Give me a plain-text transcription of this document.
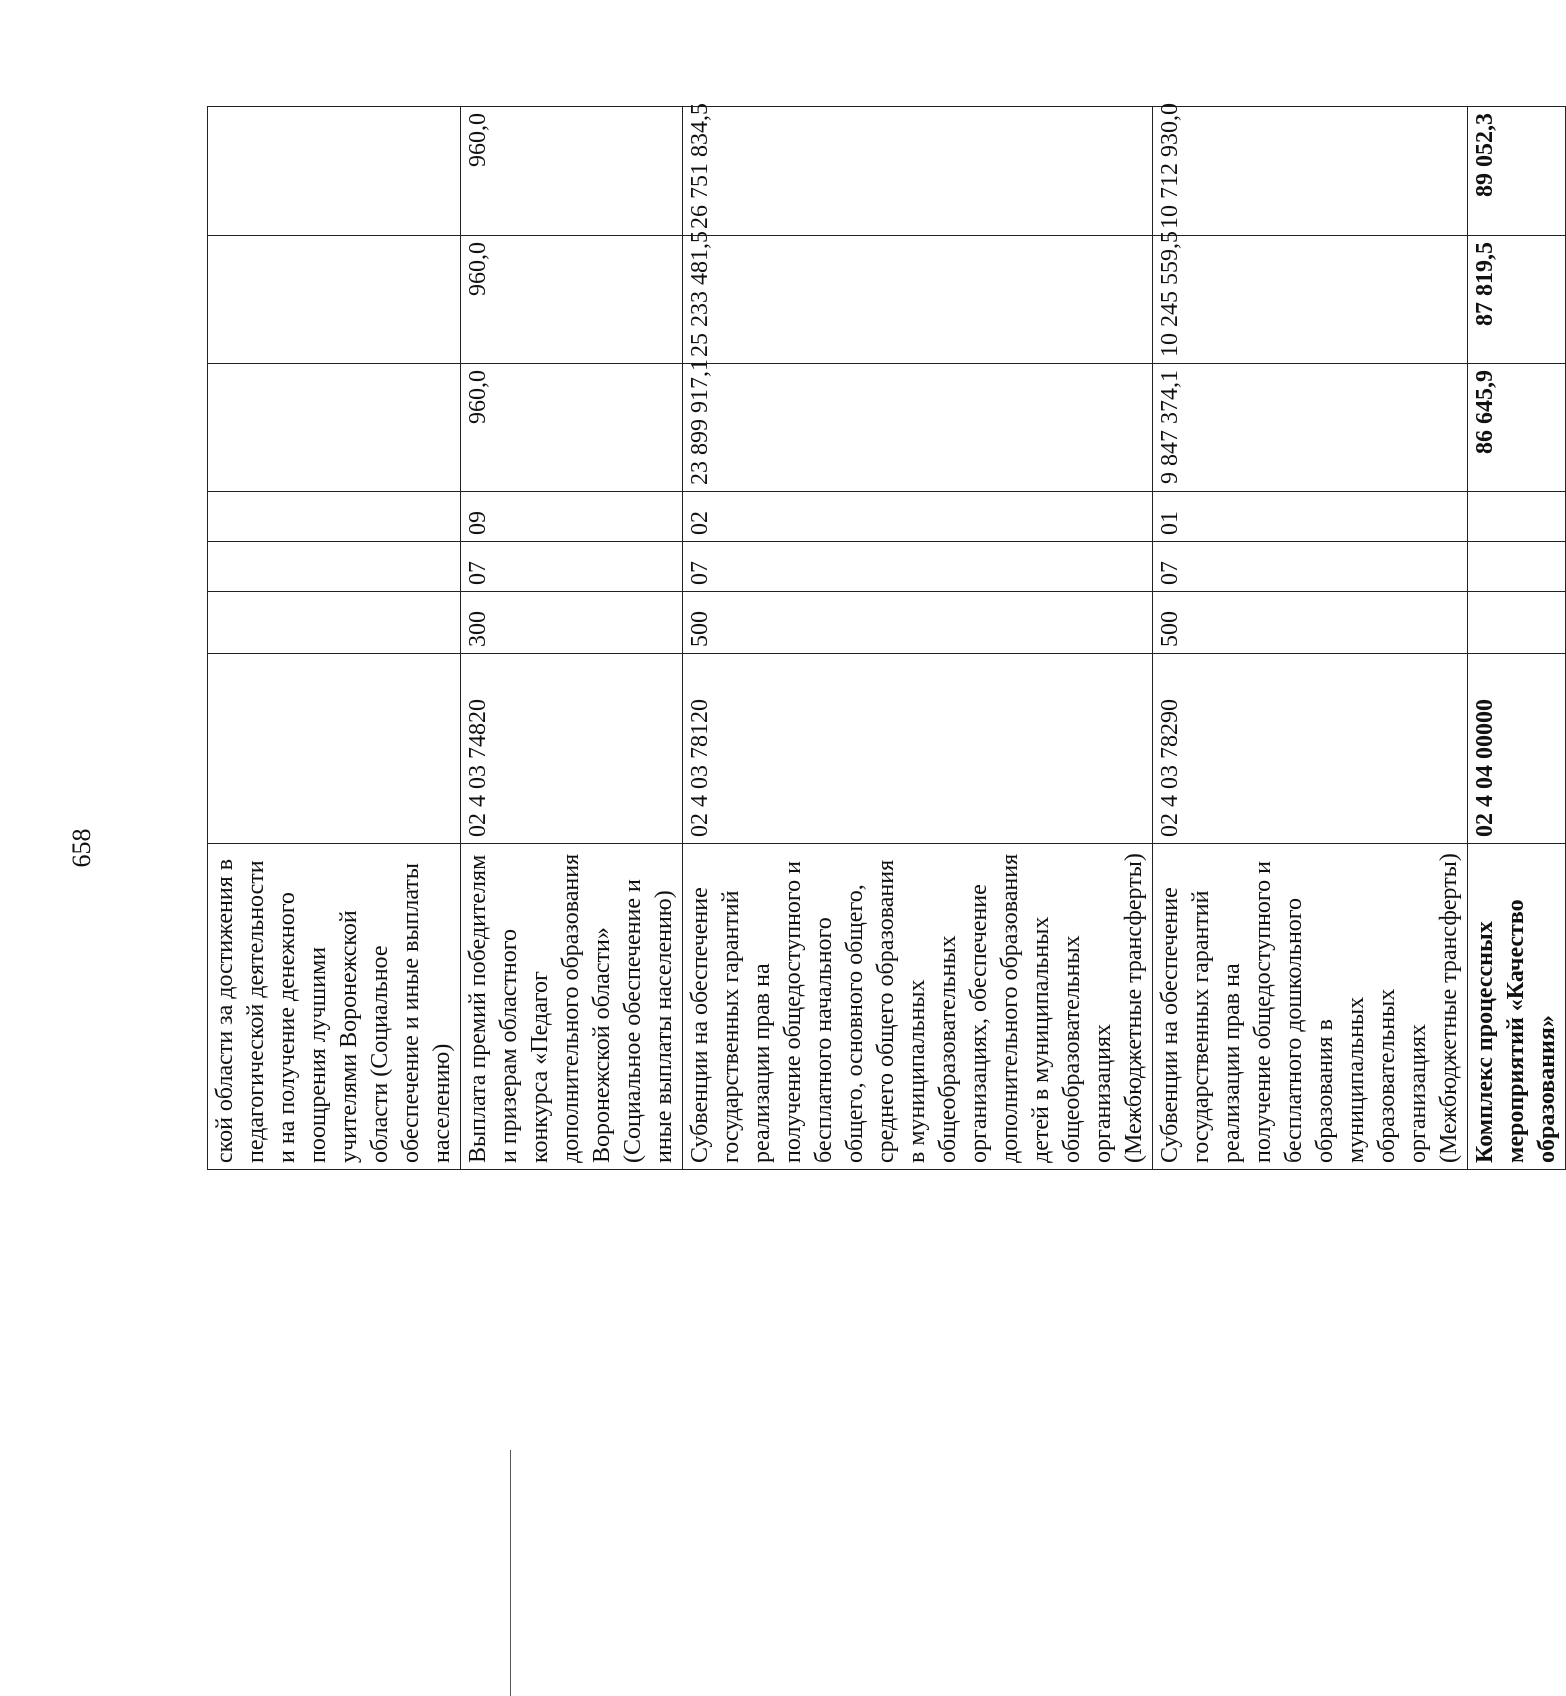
658
ской области за достижения в педагогической деятельности и на получение денежного поощрения лучшими учителями Воронежской области (Социальное обеспечение и иные выплаты населению)							
Выплата премий победителям и призерам областного конкурса «Педагог дополнительного образования Воронежской области» (Социальное обеспечение и иные выплаты населению)	02 4 03 74820	300	07	09	960,0	960,0	960,0
Субвенции на обеспечение государственных гарантий реализации прав на получение общедоступного и бесплатного начального общего, основного общего, среднего общего образования в муниципальных общеобразовательных организациях, обеспечение дополнительного образования детей в муниципальных общеобразовательных организациях (Межбюджетные трансферты)	02 4 03 78120	500	07	02	23 899 917,1	25 233 481,5	26 751 834,5
Субвенции на обеспечение государственных гарантий реализации прав на получение общедоступного и бесплатного дошкольного образования в муниципальных образовательных организациях (Межбюджетные трансферты)	02 4 03 78290	500	07	01	9 847 374,1	10 245 559,5	10 712 930,0
Комплекс процессных мероприятий «Качество образования»	02 4 04 00000				86 645,9	87 819,5	89 052,3
